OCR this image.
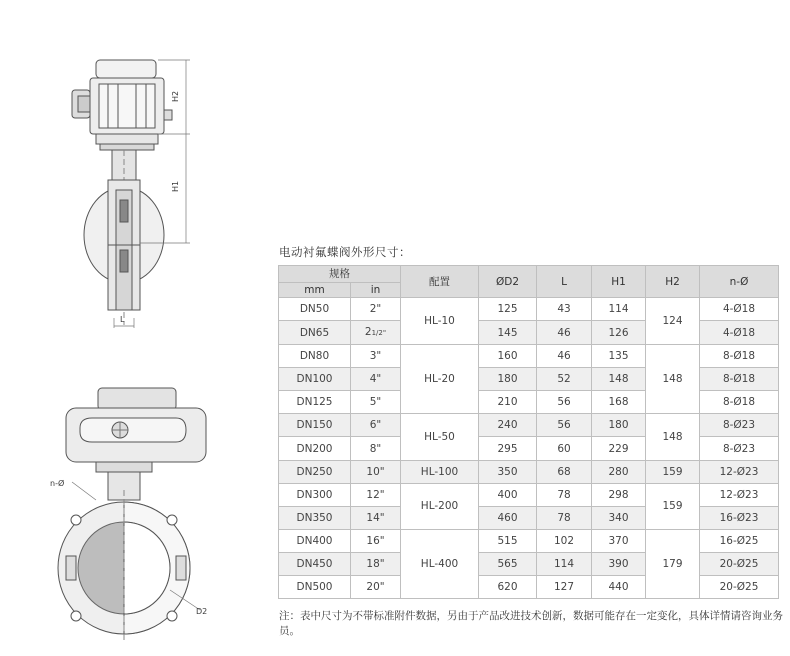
H2
H1
L
n-Ø
D2
电动衬氟蝶阀外形尺寸：
规格		配置	ØD2	L	H1	H2	n-Ø
mm	in						
DN50	2"	HL-10	125	43	114	124	4-Ø18
DN65	21/2"		145	46	126		4-Ø18
DN80	3"	HL-20	160	46	135	148	8-Ø18
DN100	4"		180	52	148		8-Ø18
DN125	5"		210	56	168		8-Ø18
DN150	6"	HL-50	240	56	180	148	8-Ø23
DN200	8"		295	60	229		8-Ø23
DN250	10"	HL-100	350	68	280	159	12-Ø23
DN300	12"	HL-200	400	78	298	159	12-Ø23
DN350	14"		460	78	340		16-Ø23
DN400	16"	HL-400	515	102	370	179	16-Ø25
DN450	18"		565	114	390		20-Ø25
DN500	20"		620	127	440		20-Ø25
注：表中尺寸为不带标准附件数据，另由于产品改进技术创新，数据可能存在一定变化，具体详情请咨询业务员。
